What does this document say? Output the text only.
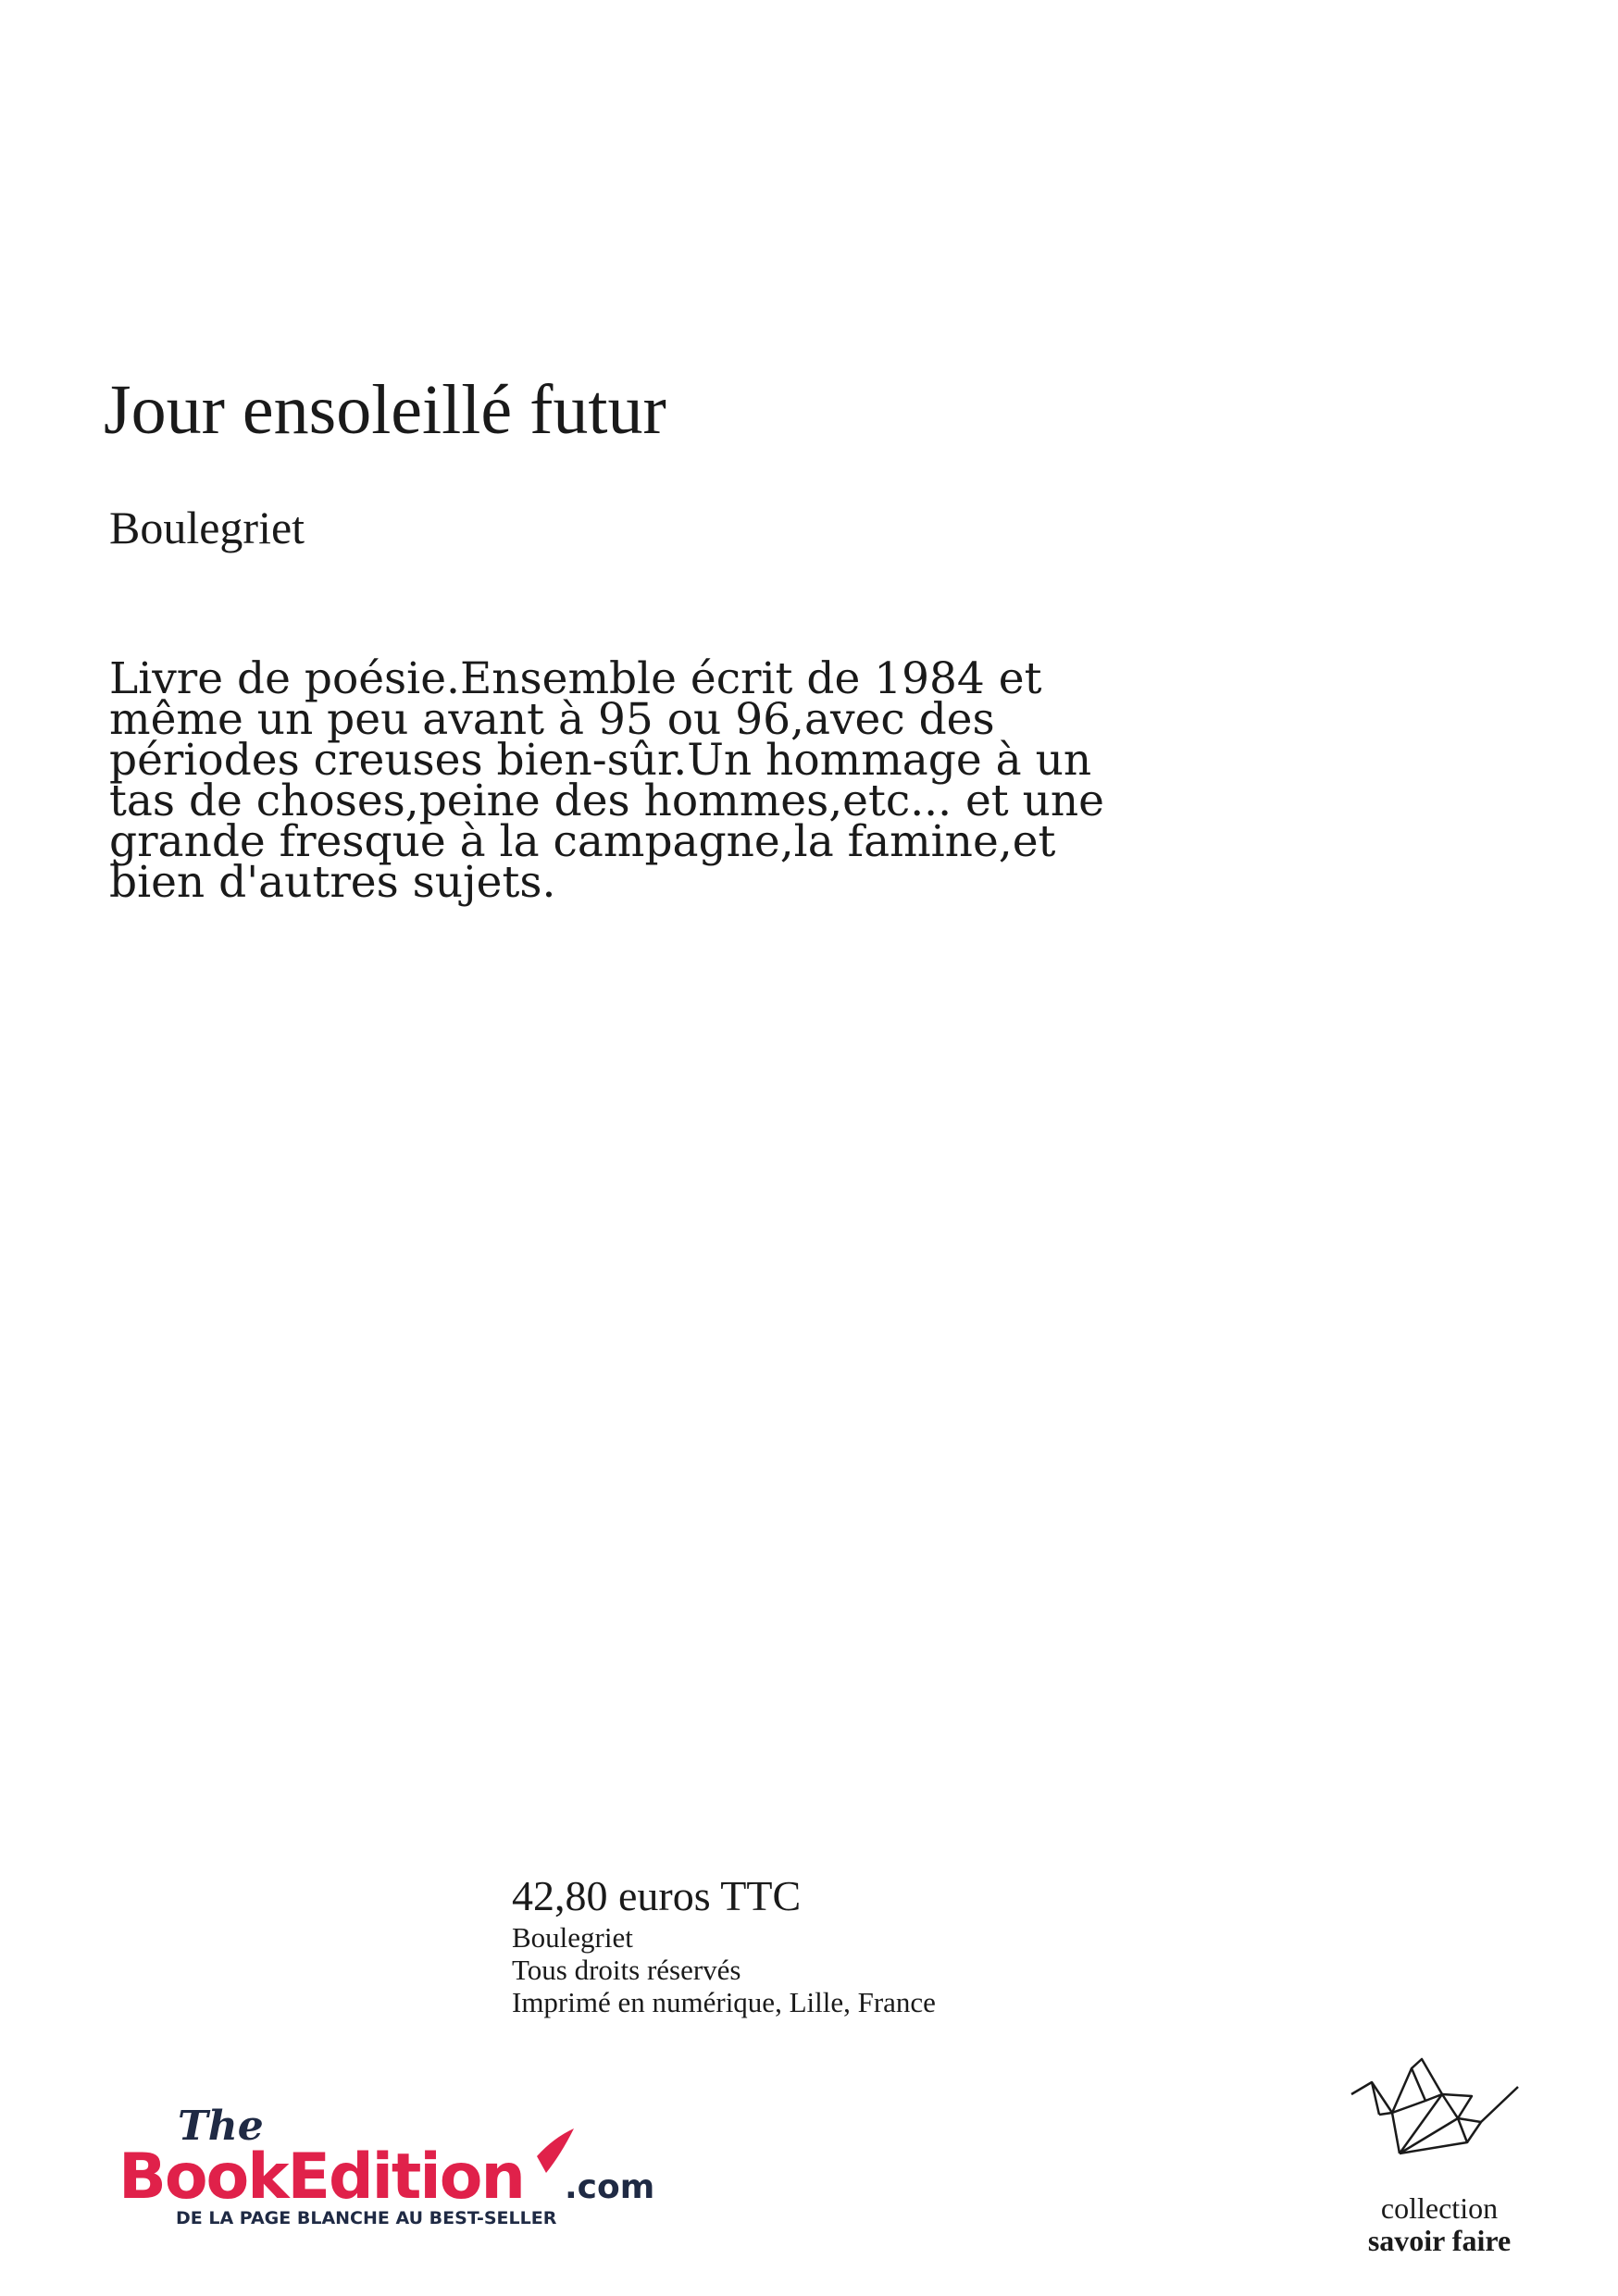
Jour ensoleillé futur
Boulegriet

Livre de poésie.Ensemble écrit de 1984 et
même un peu avant à 95 ou 96,avec des
périodes creuses bien-sûr.Un hommage à un
tas de choses,peine des hommes,etc... et une
grande fresque à la campagne,la famine,et
bien d'autres sujets.

42,80 euros TTC
Boulegriet
Tous droits réservés
Imprimé en numérique, Lille, France
The
BookEdition .com
DE LA PAGE BLANCHE AU BEST-SELLER	collection
savoir faire
